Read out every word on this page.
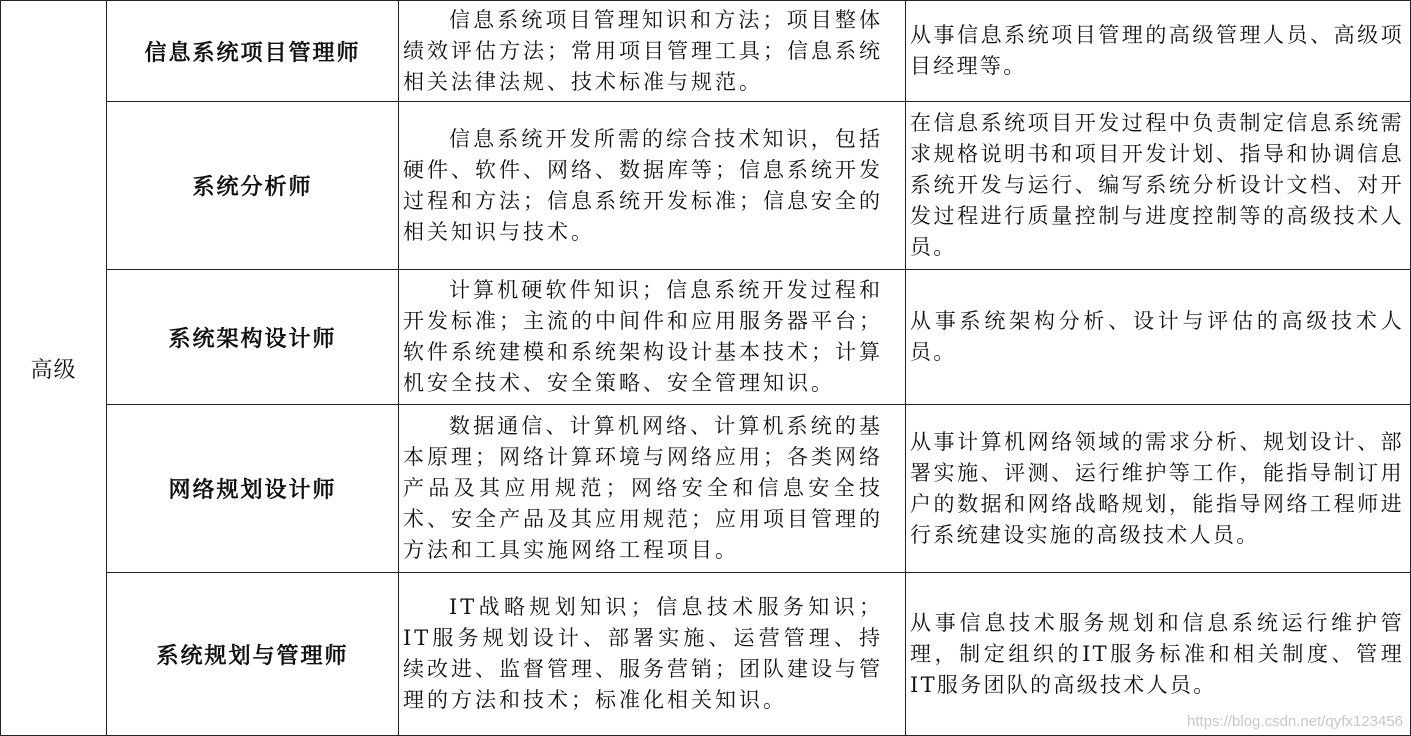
高级	信息系统项目管理师	信息系统项目管理知识和方法；项目整体绩效评估方法；常用项目管理工具；信息系统相关法律法规、技术标准与规范。	从事信息系统项目管理的高级管理人员、高级项目经理等。

	系统分析师	信息系统开发所需的综合技术知识，包括硬件、软件、网络、数据库等；信息系统开发过程和方法；信息系统开发标准；信息安全的相关知识与技术。	在信息系统项目开发过程中负责制定信息系统需求规格说明书和项目开发计划、指导和协调信息系统开发与运行、编写系统分析设计文档、对开发过程进行质量控制与进度控制等的高级技术人员。

	系统架构设计师	计算机硬软件知识；信息系统开发过程和开发标准；主流的中间件和应用服务器平台；软件系统建模和系统架构设计基本技术；计算机安全技术、安全策略、安全管理知识。	从事系统架构分析、设计与评估的高级技术人员。

	网络规划设计师	数据通信、计算机网络、计算机系统的基本原理；网络计算环境与网络应用；各类网络产品及其应用规范；网络安全和信息安全技术、安全产品及其应用规范；应用项目管理的方法和工具实施网络工程项目。	从事计算机网络领域的需求分析、规划设计、部署实施、评测、运行维护等工作，能指导制订用户的数据和网络战略规划，能指导网络工程师进行系统建设实施的高级技术人员。

	系统规划与管理师	IT战略规划知识；信息技术服务知识；IT服务规划设计、部署实施、运营管理、持续改进、监督管理、服务营销；团队建设与管理的方法和技术；标准化相关知识。	从事信息技术服务规划和信息系统运行维护管理，制定组织的IT服务标准和相关制度、管理IT服务团队的高级技术人员。
https://blog.csdn.net/qyfx123456
